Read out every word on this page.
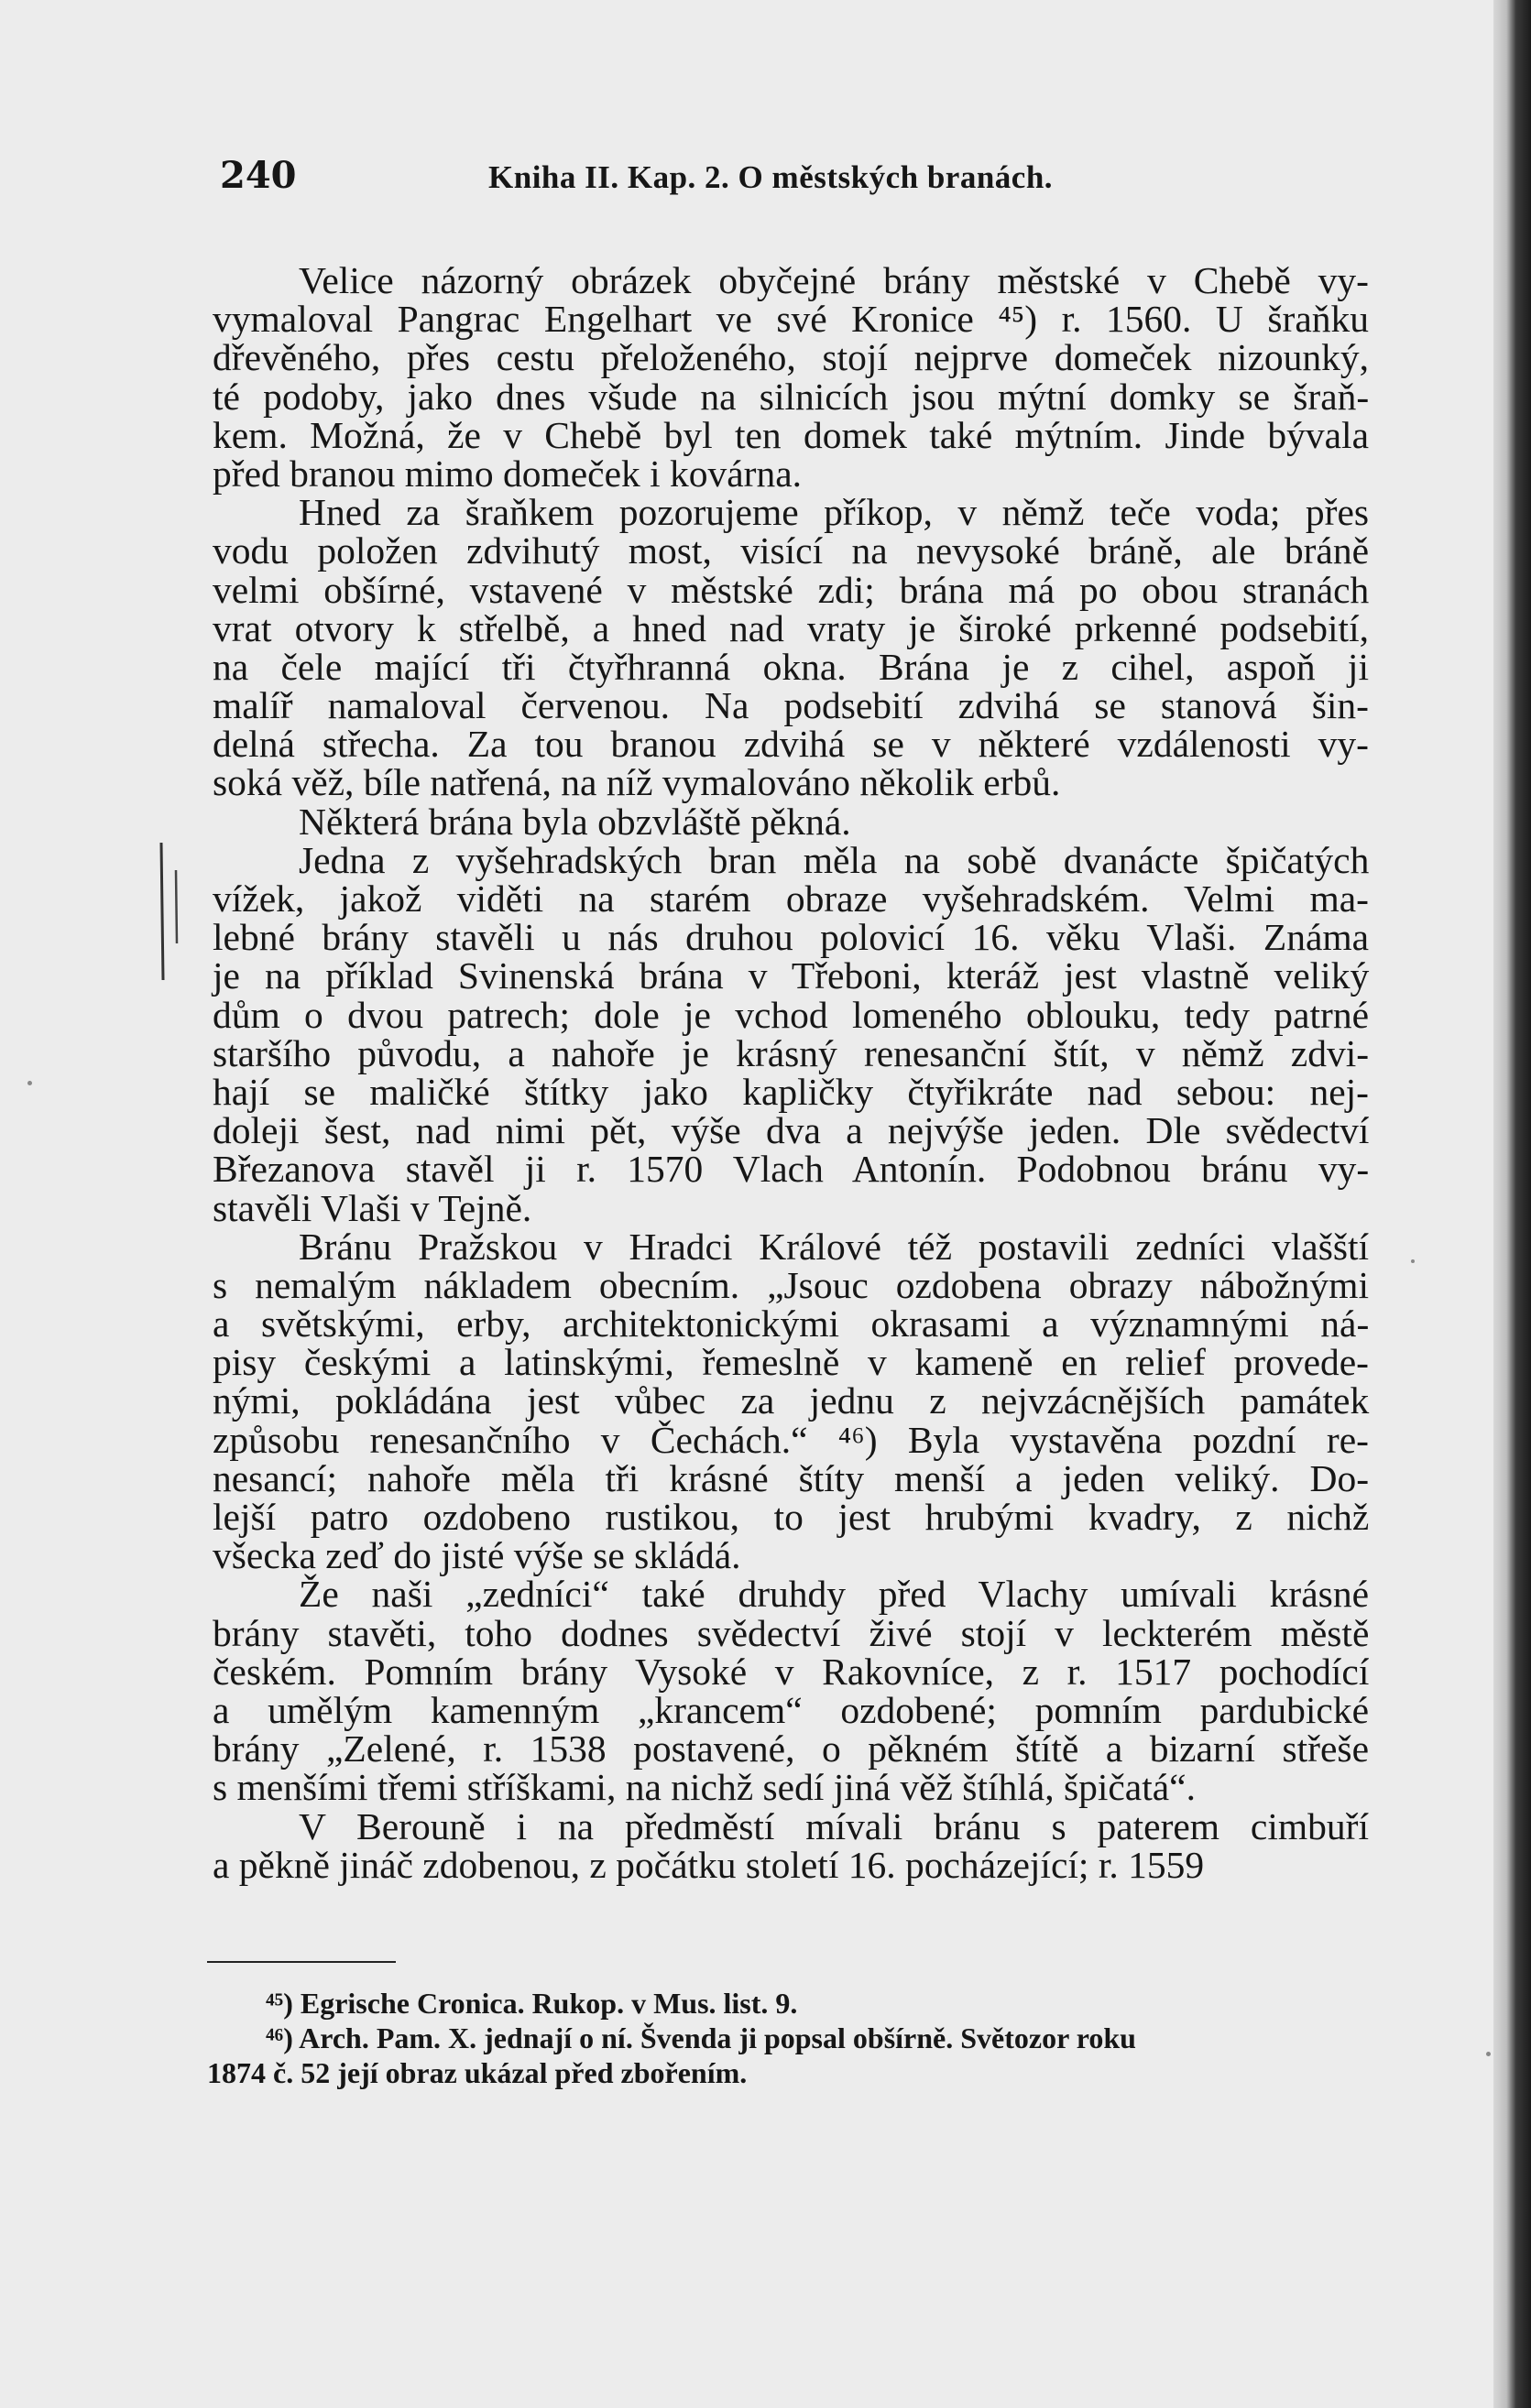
240	Kniha II. Kap. 2. O městských branách.

Velice názorný obrázek obyčejné brány městské v Chebě vy-
vymaloval Pangrac Engelhart ve své Kronice ⁴⁵) r. 1560. U šraňku
dřevěného, přes cestu přeloženého, stojí nejprve domeček nizounký,
té podoby, jako dnes všude na silnicích jsou mýtní domky se šraň-
kem. Možná, že v Chebě byl ten domek také mýtním. Jinde bývala
před branou mimo domeček i kovárna.

Hned za šraňkem pozorujeme příkop, v němž teče voda; přes
vodu položen zdvihutý most, visící na nevysoké bráně, ale bráně
velmi obšírné, vstavené v městské zdi; brána má po obou stranách
vrat otvory k střelbě, a hned nad vraty je široké prkenné podsebití,
na čele mající tři čtyřhranná okna. Brána je z cihel, aspoň ji
malíř namaloval červenou. Na podsebití zdvihá se stanová šin-
delná střecha. Za tou branou zdvihá se v některé vzdálenosti vy-
soká věž, bíle natřená, na níž vymalováno několik erbů.

Některá brána byla obzvláště pěkná.

Jedna z vyšehradských bran měla na sobě dvanácte špičatých
vížek, jakož viděti na starém obraze vyšehradském. Velmi ma-
lebné brány stavěli u nás druhou polovicí 16. věku Vlaši. Známa
je na příklad Svinenská brána v Třeboni, kteráž jest vlastně veliký
dům o dvou patrech; dole je vchod lomeného oblouku, tedy patrné
staršího původu, a nahoře je krásný renesanční štít, v němž zdvi-
hají se maličké štítky jako kapličky čtyřikráte nad sebou: nej-
doleji šest, nad nimi pět, výše dva a nejvýše jeden. Dle svědectví
Březanova stavěl ji r. 1570 Vlach Antonín. Podobnou bránu vy-
stavěli Vlaši v Tejně.

Bránu Pražskou v Hradci Králové též postavili zedníci vlašští
s nemalým nákladem obecním. „Jsouc ozdobena obrazy nábožnými
a světskými, erby, architektonickými okrasami a významnými ná-
pisy českými a latinskými, řemeslně v kameně en relief provede-
nými, pokládána jest vůbec za jednu z nejvzácnějších památek
způsobu renesančního v Čechách.“ ⁴⁶) Byla vystavěna pozdní re-
nesancí; nahoře měla tři krásné štíty menší a jeden veliký. Do-
lejší patro ozdobeno rustikou, to jest hrubými kvadry, z nichž
všecka zeď do jisté výše se skládá.

Že naši „zedníci“ také druhdy před Vlachy umívali krásné
brány stavěti, toho dodnes svědectví živé stojí v leckterém městě
českém. Pomním brány Vysoké v Rakovníce, z r. 1517 pochodící
a umělým kamenným „krancem“ ozdobené; pomním pardubické
brány „Zelené, r. 1538 postavené, o pěkném štítě a bizarní střeše
s menšími třemi stříškami, na nichž sedí jiná věž štíhlá, špičatá“.

V Berouně i na předměstí mívali bránu s paterem cimbuří
a pěkně jináč zdobenou, z počátku století 16. pocházející; r. 1559

⁴⁵) Egrische Cronica. Rukop. v Mus. list. 9.
⁴⁶) Arch. Pam. X. jednají o ní. Švenda ji popsal obšírně. Světozor roku
1874 č. 52 její obraz ukázal před zbořením.
